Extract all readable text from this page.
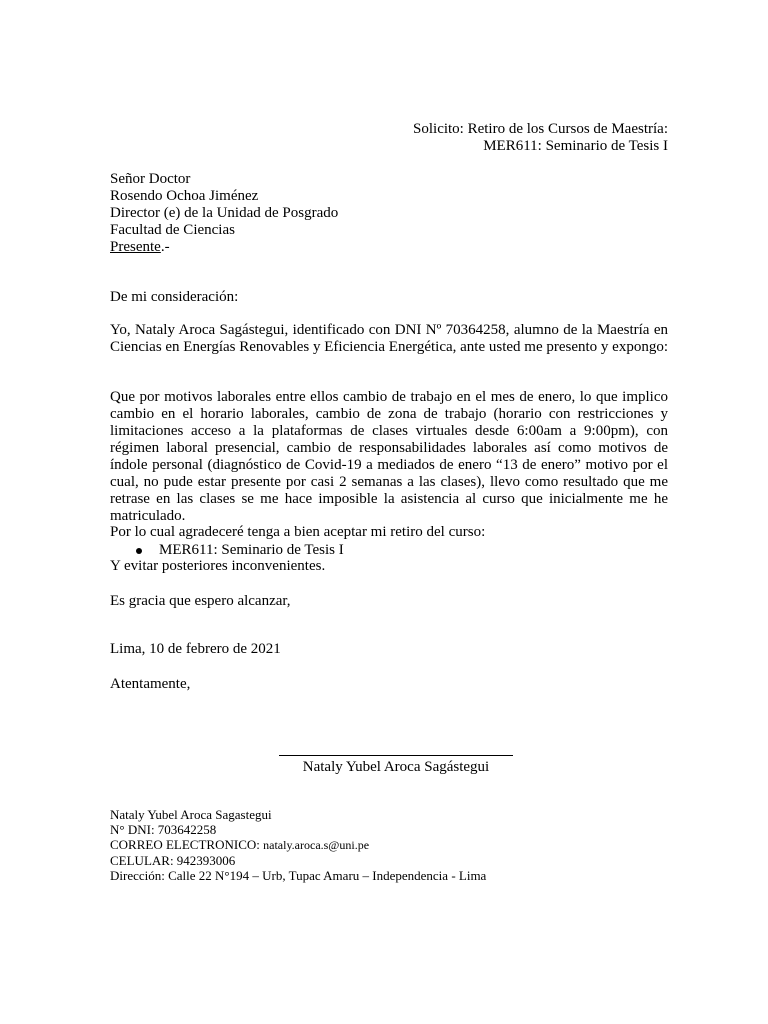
Solicito: Retiro de los Cursos de Maestría:
MER611: Seminario de Tesis I
Señor Doctor
Rosendo Ochoa Jiménez
Director (e) de la Unidad de Posgrado
Facultad de Ciencias
Presente.-
De mi consideración:
Yo, Nataly Aroca Sagástegui, identificado con DNI Nº 70364258, alumno de la Maestría en Ciencias en Energías Renovables y Eficiencia Energética, ante usted me presento y expongo:
Que por motivos laborales entre ellos cambio de trabajo en el mes de enero, lo que implico cambio en el horario laborales, cambio de zona de trabajo (horario con restricciones y limitaciones acceso a la plataformas de clases virtuales desde 6:00am a 9:00pm), con régimen laboral presencial, cambio de responsabilidades laborales así como motivos de índole personal (diagnóstico de Covid-19 a mediados de enero “13 de enero” motivo por el cual, no pude estar presente por casi 2 semanas a las clases), llevo como resultado que me retrase en las clases se me hace imposible la asistencia al curso que inicialmente me he matriculado.
Por lo cual agradeceré tenga a bien aceptar mi retiro del curso:
MER611: Seminario de Tesis I
Y evitar posteriores inconvenientes.
Es gracia que espero alcanzar,
Lima, 10 de febrero de 2021
Atentamente,
Nataly Yubel Aroca Sagástegui
Nataly Yubel Aroca Sagastegui
N° DNI: 703642258
CORREO ELECTRONICO: nataly.aroca.s@uni.pe
CELULAR: 942393006
Dirección: Calle 22 N°194 – Urb, Tupac Amaru – Independencia - Lima
